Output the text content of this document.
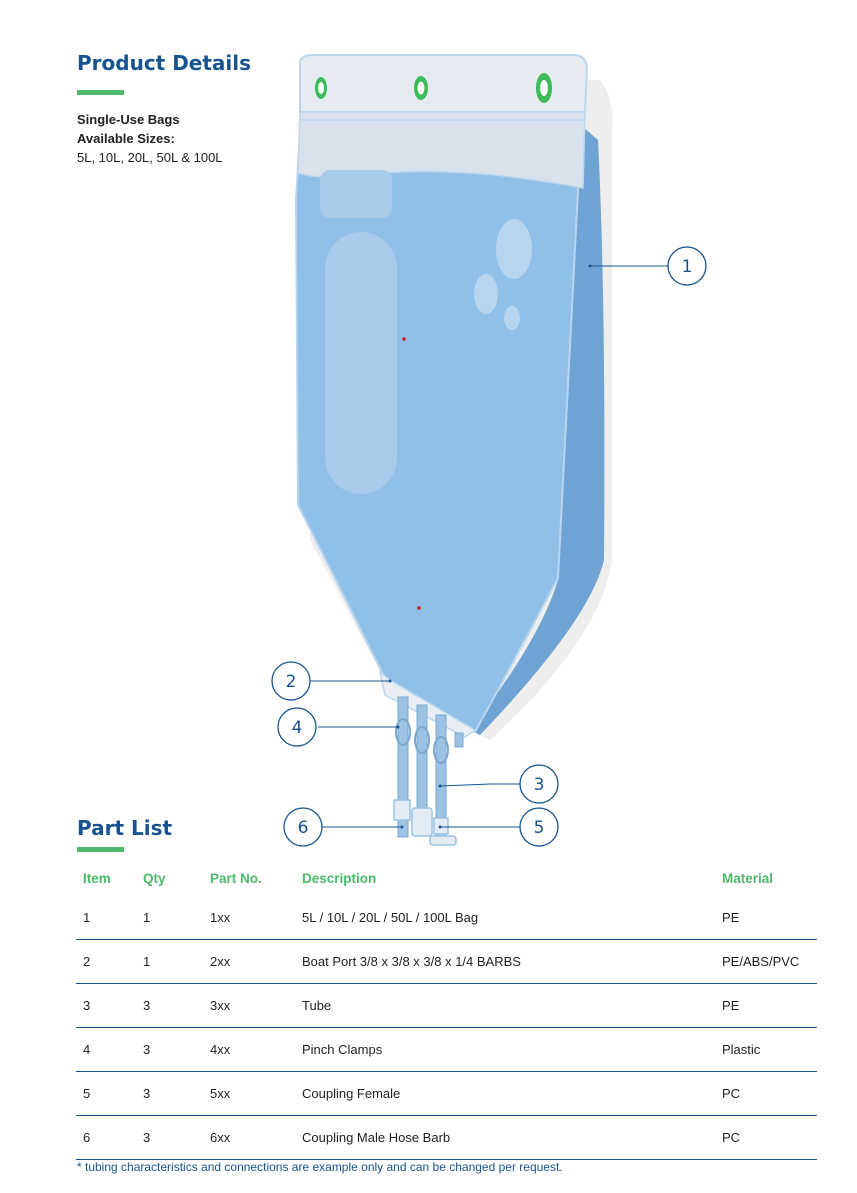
Product Details
Single-Use Bags
Available Sizes:
5L, 10L, 20L, 50L & 100L
1
2
3
4
5
6
Part List
Item	Qty	Part No.	Description	Material
1	1	1xx	5L / 10L / 20L / 50L / 100L Bag	PE
2	1	2xx	Boat Port 3/8 x 3/8 x 3/8 x 1/4 BARBS	PE/ABS/PVC
3	3	3xx	Tube	PE
4	3	4xx	Pinch Clamps	Plastic
5	3	5xx	Coupling Female	PC
6	3	6xx	Coupling Male Hose Barb	PC
* tubing characteristics and connections are example only and can be changed per request.
